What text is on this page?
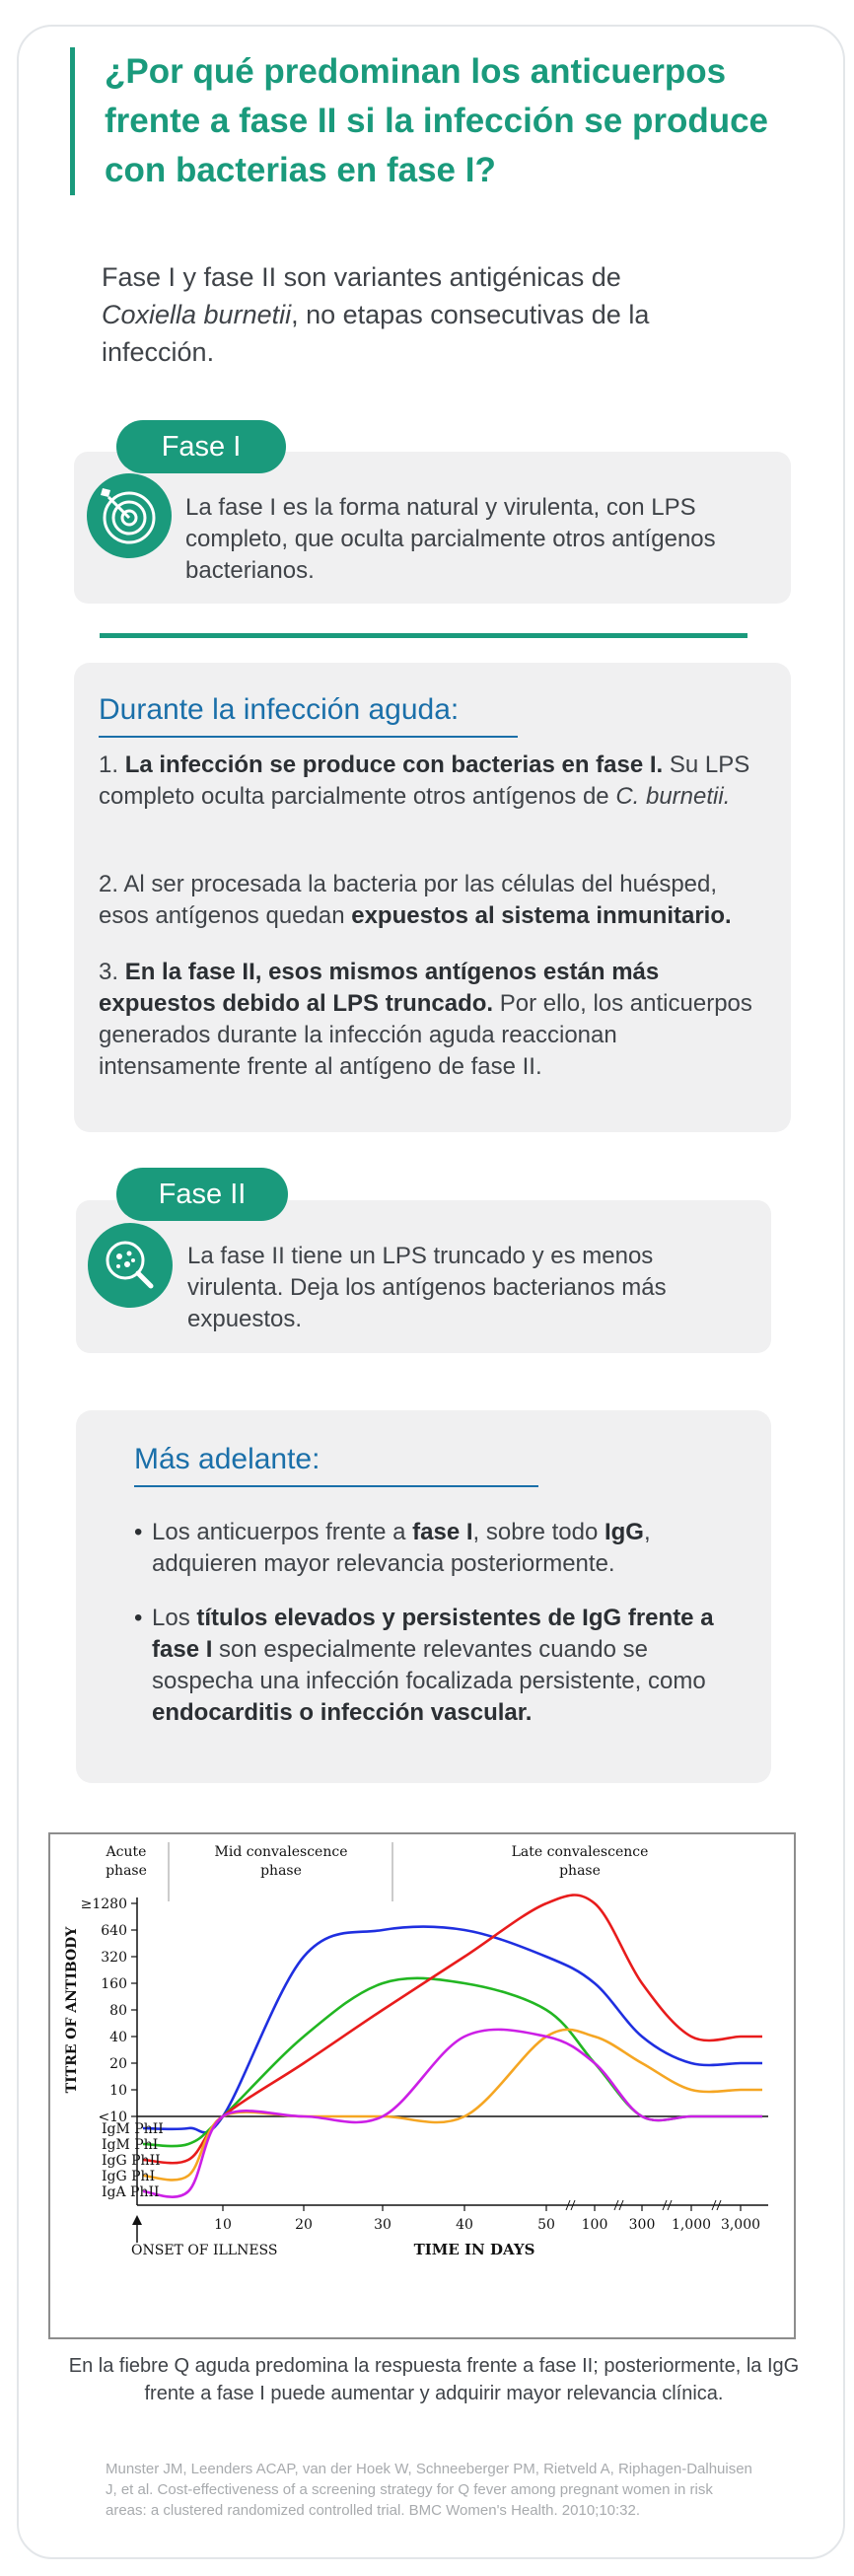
¿Por qué predominan los anticuerpos frente a fase II si la infección se produce con bacterias en fase I?

Fase I y fase II son variantes antigénicas de Coxiella burnetii, no etapas consecutivas de la infección.

Fase I

La fase I es la forma natural y virulenta, con LPS completo, que oculta parcialmente otros antígenos bacterianos.

Durante la infección aguda:

1. La infección se produce con bacterias en fase I. Su LPS completo oculta parcialmente otros antígenos de C. burnetii.

2. Al ser procesada la bacteria por las células del huésped, esos antígenos quedan expuestos al sistema inmunitario.

3. En la fase II, esos mismos antígenos están más expuestos debido al LPS truncado. Por ello, los anticuerpos generados durante la infección aguda reaccionan intensamente frente al antígeno de fase II.

Fase II

La fase II tiene un LPS truncado y es menos virulenta. Deja los antígenos bacterianos más expuestos.

Más adelante:

• Los anticuerpos frente a fase I, sobre todo IgG, adquieren mayor relevancia posteriormente.

• Los títulos elevados y persistentes de IgG frente a fase I son especialmente relevantes cuando se sospecha una infección focalizada persistente, como endocarditis o infección vascular.

Acute phase
Mid convalescence phase
Late convalescence phase
≥1280
640
320
160
80
40
20
10
<10
TITRE OF ANTIBODY
10	20	30	40	50 100 300 1,000 3,000
TIME IN DAYS
ONSET OF ILLNESS
IgM PhII
IgM PhI
IgG PhII
IgG PhI
IgA PhII

En la fiebre Q aguda predomina la respuesta frente a fase II; posteriormente, la IgG frente a fase I puede aumentar y adquirir mayor relevancia clínica.

Munster JM, Leenders ACAP, van der Hoek W, Schneeberger PM, Rietveld A, Riphagen-Dalhuisen J, et al. Cost-effectiveness of a screening strategy for Q fever among pregnant women in risk areas: a clustered randomized controlled trial. BMC Women's Health. 2010;10:32.
